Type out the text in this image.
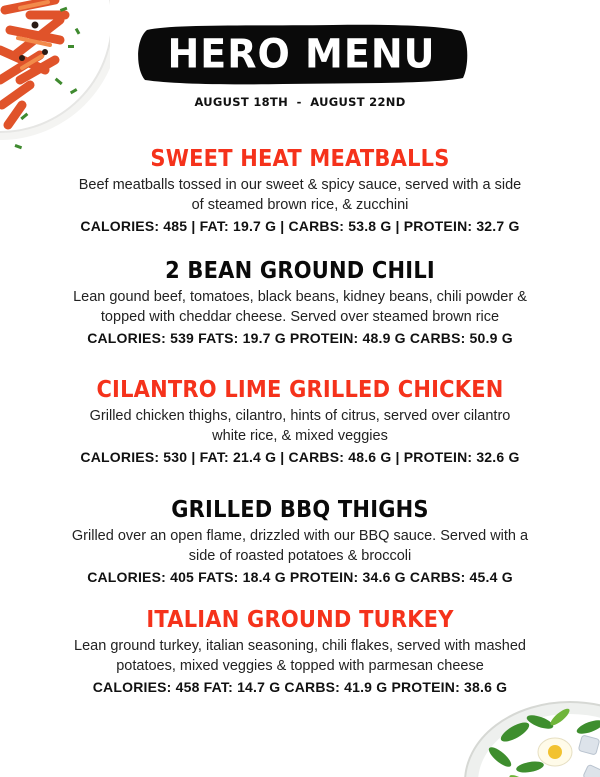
HERO MENU
AUGUST 18TH  -  AUGUST 22ND

SWEET HEAT MEATBALLS

Beef meatballs tossed in our sweet & spicy sauce, served with a side
of steamed brown rice, & zucchini

CALORIES: 485 | FAT: 19.7 G | CARBS: 53.8 G | PROTEIN: 32.7 G

2 BEAN GROUND CHILI

Lean gound beef, tomatoes, black beans, kidney beans, chili powder &
topped with cheddar cheese. Served over steamed brown rice

CALORIES: 539 FATS: 19.7 G PROTEIN: 48.9 G CARBS: 50.9 G

CILANTRO LIME GRILLED CHICKEN

Grilled chicken thighs, cilantro, hints of citrus, served over cilantro
white rice, & mixed veggies

CALORIES: 530 | FAT: 21.4 G | CARBS: 48.6 G | PROTEIN: 32.6 G

GRILLED BBQ THIGHS

Grilled over an open flame, drizzled with our BBQ sauce. Served with a
side of roasted potatoes & broccoli

CALORIES: 405 FATS: 18.4 G PROTEIN: 34.6 G CARBS: 45.4 G

ITALIAN GROUND TURKEY

Lean ground turkey, italian seasoning, chili flakes, served with mashed
potatoes, mixed veggies & topped with parmesan cheese

CALORIES: 458 FAT: 14.7 G CARBS: 41.9 G PROTEIN: 38.6 G
